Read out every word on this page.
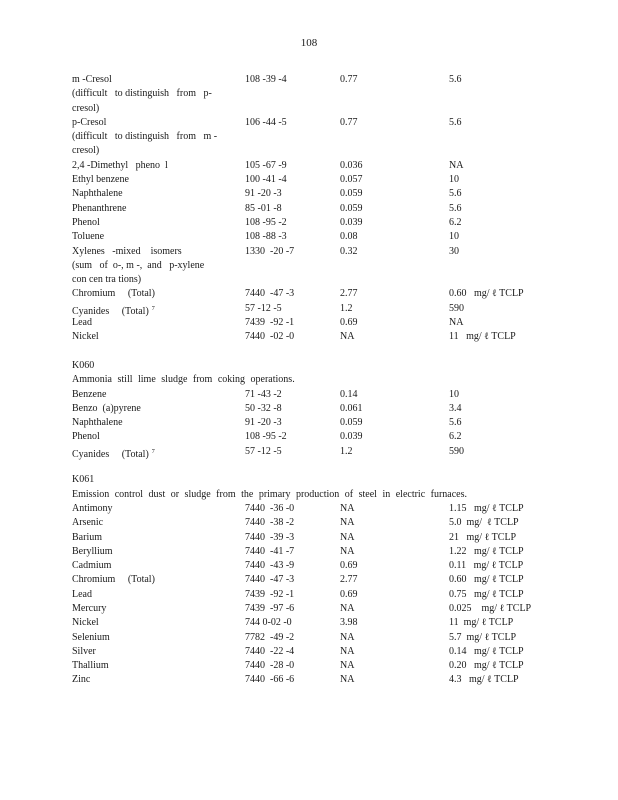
108
m -Cresol
(difficult   to distinguish   from   p-
cresol)
108 -39 -4	0.77	5.6
p-Cresol
(difficult   to distinguish   from   m -
cresol)
106 -44 -5	0.77	5.6
2,4 -Dimethyl   pheno  l	105 -67 -9	0.036	NA
Ethyl benzene	100 -41 -4	0.057	10
Naphthalene	91 -20 -3	0.059	5.6
Phenanthrene	85 -01 -8	0.059	5.6
Phenol	108 -95 -2	0.039	6.2
Toluene	108 -88 -3	0.08	10
Xylenes   -mixed    isomers
(sum   of  o-, m -,  and   p-xylene
con cen tra tions)
1330  -20 -7	0.32	30
Chromium     (Total)	7440  -47 -3	2.77	0.60   mg/ ℓ TCLP
Cyanides     (Total) $^7$	57 -12 -5	1.2	590
Lead	7439  -92 -1	0.69	NA
Nickel	7440  -02 -0	NA	11   mg/ ℓ TCLP
K060
Ammonia still lime sludge from coking operations.
Benzene	71 -43 -2	0.14	10
Benzo  (a)pyrene	50 -32 -8	0.061	3.4
Naphthalene	91 -20 -3	0.059	5.6
Phenol	108 -95 -2	0.039	6.2
Cyanides     (Total) $^7$	57 -12 -5	1.2	590
K061
Emission control dust or sludge from the primary production of steel in electric furnaces.
Antimony	7440  -36 -0	NA	1.15   mg/ ℓ TCLP
Arsenic	7440  -38 -2	NA	5.0  mg/  ℓ TCLP
Barium	7440  -39 -3	NA	21   mg/ ℓ TCLP
Beryllium	7440  -41 -7	NA	1.22   mg/ ℓ TCLP
Cadmium	7440  -43 -9	0.69	0.11   mg/ ℓ TCLP
Chromium     (Total)	7440  -47 -3	2.77	0.60   mg/ ℓ TCLP
Lead	7439  -92 -1	0.69	0.75   mg/ ℓ TCLP
Mercury	7439  -97 -6	NA	0.025    mg/ ℓ TCLP
Nickel	744 0-02 -0	3.98	11  mg/ ℓ TCLP
Selenium	7782  -49 -2	NA	5.7  mg/ ℓ TCLP
Silver	7440  -22 -4	NA	0.14   mg/ ℓ TCLP
Thallium	7440  -28 -0	NA	0.20   mg/ ℓ TCLP
Zinc	7440  -66 -6	NA	4.3   mg/ ℓ TCLP
